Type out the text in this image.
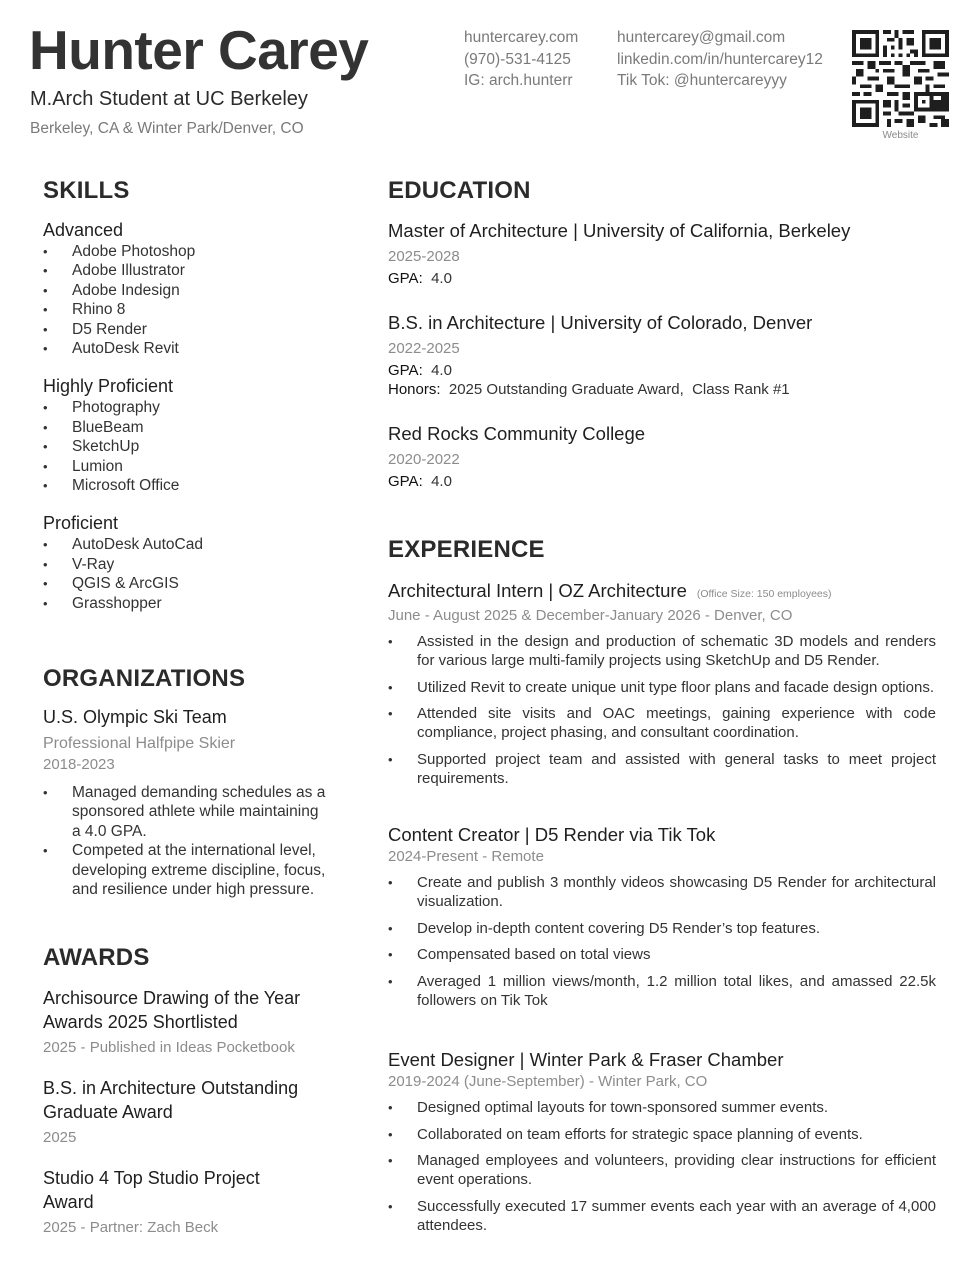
Hunter Carey
M.Arch Student at UC Berkeley
Berkeley, CA & Winter Park/Denver, CO
huntercarey.com
(970)-531-4125
IG: arch.hunterr
huntercarey@gmail.com
linkedin.com/in/huntercarey12
Tik Tok: @huntercareyyy
Website
SKILLS
Advanced
• Adobe Photoshop
• Adobe Illustrator
• Adobe Indesign
• Rhino 8
• D5 Render
• AutoDesk Revit
Highly Proficient
• Photography
• BlueBeam
• SketchUp
• Lumion
• Microsoft Office
Proficient
• AutoDesk AutoCad
• V-Ray
• QGIS & ArcGIS
• Grasshopper
ORGANIZATIONS
U.S. Olympic Ski Team
Professional Halfpipe Skier
2018-2023
• Managed demanding schedules as a sponsored athlete while maintaining a 4.0 GPA.
• Competed at the international level, developing extreme discipline, focus, and resilience under high pressure.
AWARDS
Archisource Drawing of the Year Awards 2025 Shortlisted
2025 - Published in Ideas Pocketbook
B.S. in Architecture Outstanding Graduate Award
2025
Studio 4 Top Studio Project Award
2025 - Partner: Zach Beck
EDUCATION
Master of Architecture | University of California, Berkeley
2025-2028
GPA: 4.0
B.S. in Architecture | University of Colorado, Denver
2022-2025
GPA: 4.0
Honors: 2025 Outstanding Graduate Award,  Class Rank #1
Red Rocks Community College
2020-2022
GPA: 4.0
EXPERIENCE
Architectural Intern | OZ Architecture (Office Size: 150 employees)
June - August 2025 & December-January 2026 - Denver, CO
• Assisted in the design and production of schematic 3D models and renders for various large multi-family projects using SketchUp and D5 Render.
• Utilized Revit to create unique unit type floor plans and facade design options.
• Attended site visits and OAC meetings, gaining experience with code compliance, project phasing, and consultant coordination.
• Supported project team and assisted with general tasks to meet project requirements.
Content Creator | D5 Render via Tik Tok
2024-Present - Remote
• Create and publish 3 monthly videos showcasing D5 Render for architectural visualization.
• Develop in-depth content covering D5 Render’s top features.
• Compensated based on total views
• Averaged 1 million views/month, 1.2 million total likes, and amassed 22.5k followers on Tik Tok
Event Designer | Winter Park & Fraser Chamber
2019-2024 (June-September) - Winter Park, CO
• Designed optimal layouts for town-sponsored summer events.
• Collaborated on team efforts for strategic space planning of events.
• Managed employees and volunteers, providing clear instructions for efficient event operations.
• Successfully executed 17 summer events each year with an average of 4,000 attendees.
